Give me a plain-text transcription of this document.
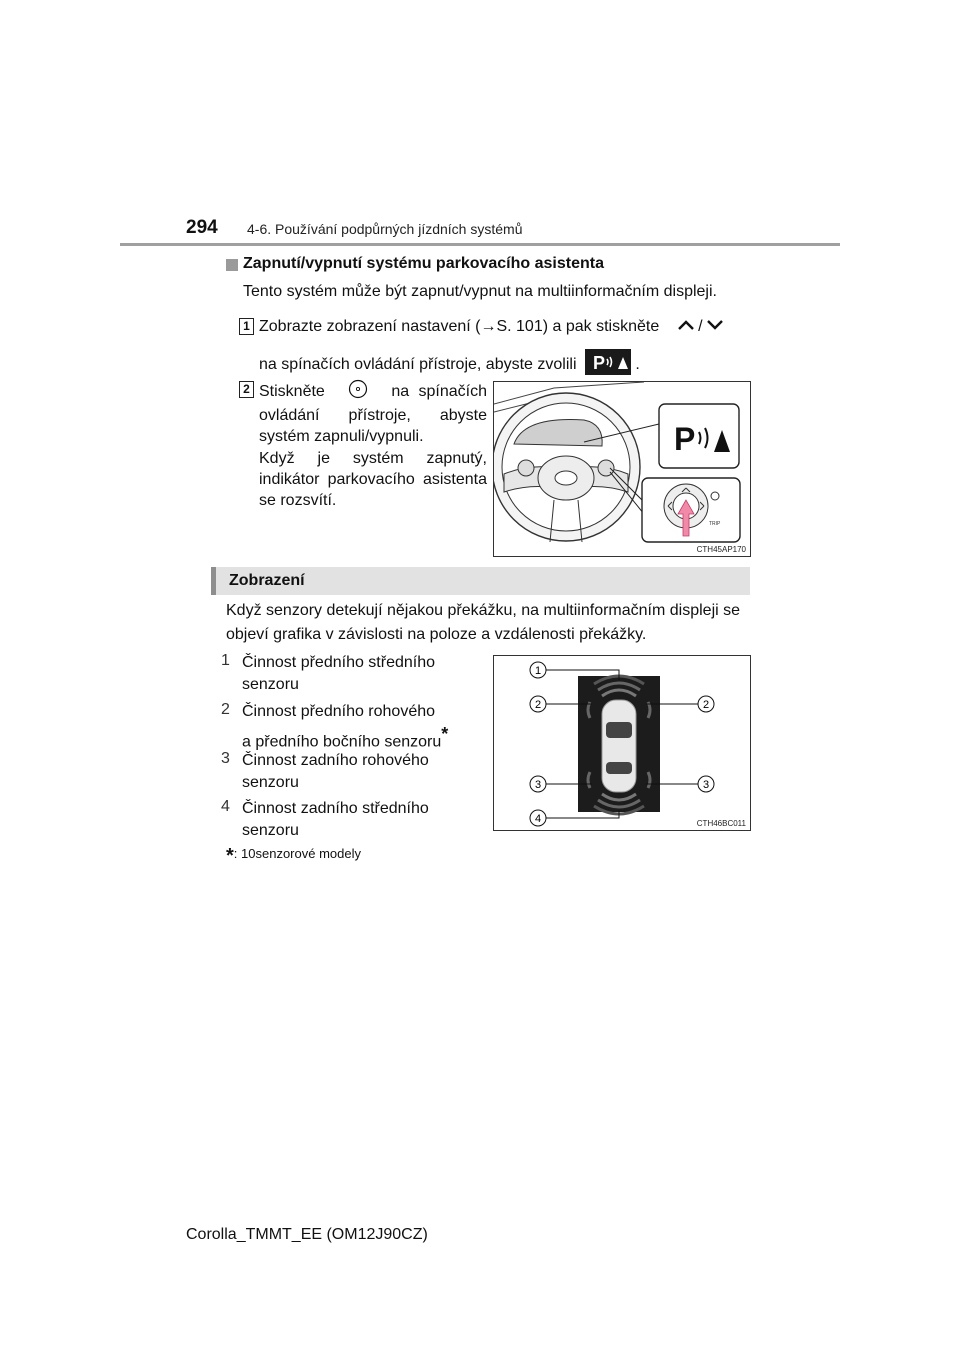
294 4-6. Používání podpůrných jízdních systémů
Zapnutí/vypnutí systému parkovacího asistenta
Tento systém může být zapnut/vypnut na multiinformačním displeji.
1 Zobrazte zobrazení nastavení (→S. 101) a pak stiskněte /
na spínačích ovládání přístroje, abyste zvolili P .
2 Stiskněte	na spínačích ovládání přístroje, abyste systém zapnuli/vypnuli.
Když je systém zapnutý, indikátor parkovacího asistenta se rozsvítí.
P
TRIP
CTH45AP170
Zobrazení
Když senzory detekují nějakou překážku, na multiinformačním displeji se objeví grafika v závislosti na poloze a vzdálenosti překážky.
1 Činnost předního středního
senzoru
2 Činnost předního rohového
a předního bočního senzoru*
3 Činnost zadního rohového
senzoru
4 Činnost zadního středního
senzoru
1
2	2
3	3
4	CTH46BC011
*: 10senzorové modely
Corolla_TMMT_EE (OM12J90CZ)
